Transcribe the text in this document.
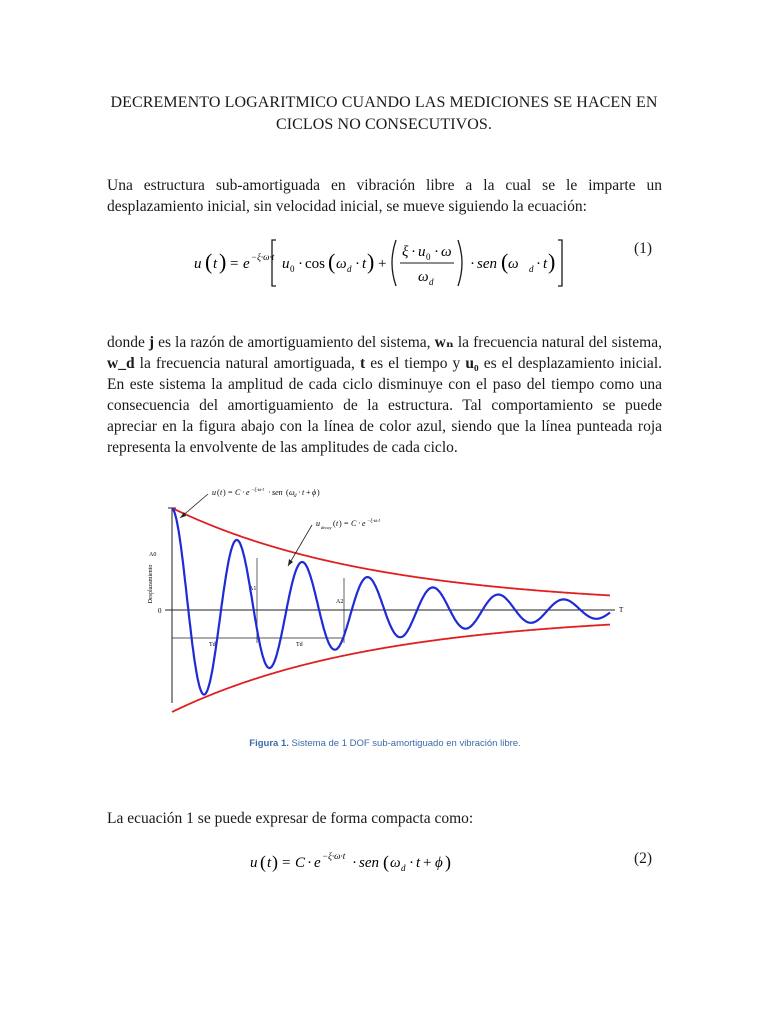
DECREMENTO LOGARITMICO CUANDO LAS MEDICIONES SE HACEN EN
CICLOS NO CONSECUTIVOS.
Una estructura sub-amortiguada en vibración libre a la cual se le imparte un desplazamiento inicial, sin velocidad inicial, se mueve siguiendo la ecuación:
u ( t ) = e −ξ·ω·t u 0 · cos ( ω d · t ) +
ξ · u 0 · ω
ω d
· sen ( ω d · t )
(1)
donde j es la razón de amortiguamiento del sistema, wₙ la frecuencia natural del sistema, w_d la frecuencia natural amortiguada, t es el tiempo y u₀ es el desplazamiento inicial. En este sistema la amplitud de cada ciclo disminuye con el paso del tiempo como una consecuencia del amortiguamiento de la estructura. Tal comportamiento se puede apreciar en la figura abajo con la línea de color azul, siendo que la línea punteada roja representa la envolvente de las amplitudes de cada ciclo.
Desplazamiento
0	T
A0
A1
A2
Td	Td
u ( t ) = C · e −ξ·ω·t · sen ( ω d · t + ϕ )
u decay ( t ) = C · e −ξ·ω·t
Figura 1. Sistema de 1 DOF sub-amortiguado en vibración libre.
La ecuación 1 se puede expresar de forma compacta como:
u ( t ) = C · e −ξ·ω·t · sen ( ω d · t + ϕ )	(2)
